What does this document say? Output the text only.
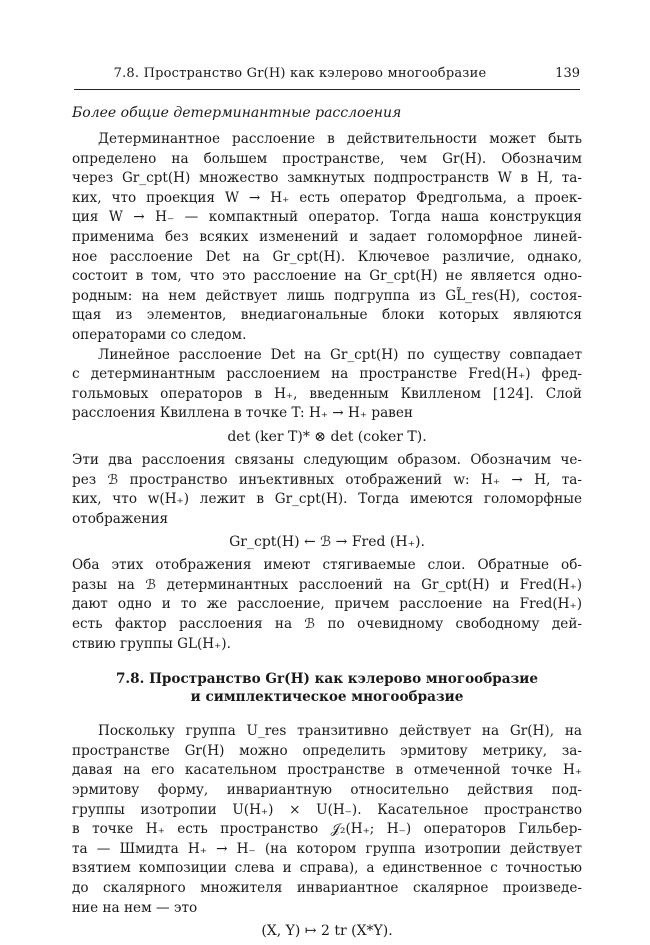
7.8. Пространство Gr(H) как кэлерово многообразие	139
Более общие детерминантные расслоения
Детерминантное расслоение в действительности может быть
определено на большем пространстве, чем Gr(H). Обозначим
через Gr_cpt(H) множество замкнутых подпространств W в H, та-
ких, что проекция W → H₊ есть оператор Фредгольма, а проек-
ция W → H₋ — компактный оператор. Тогда наша конструкция
применима без всяких изменений и задает голоморфное линей-
ное расслоение Det на Gr_cpt(H). Ключевое различие, однако,
состоит в том, что это расслоение на Gr_cpt(H) не является одно-
родным: на нем действует лишь подгруппа из GL̃_res(H), состоя-
щая из элементов, внедиагональные блоки которых являются
операторами со следом.
Линейное расслоение Det на Gr_cpt(H) по существу совпадает
с детерминантным расслоением на пространстве Fred(H₊) фред-
гольмовых операторов в H₊, введенным Квилленом [124]. Слой
расслоения Квиллена в точке T: H₊ → H₊ равен
det (ker T)* ⊗ det (coker T).
Эти два расслоения связаны следующим образом. Обозначим че-
рез ℬ пространство инъективных отображений w: H₊ → H, та-
ких, что w(H₊) лежит в Gr_cpt(H). Тогда имеются голоморфные
отображения
Gr_cpt(H) ← ℬ → Fred (H₊).
Оба этих отображения имеют стягиваемые слои. Обратные об-
разы на ℬ детерминантных расслоений на Gr_cpt(H) и Fred(H₊)
дают одно и то же расслоение, причем расслоение на Fred(H₊)
есть фактор расслоения на ℬ по очевидному свободному дей-
ствию группы GL(H₊).
7.8. Пространство Gr(H) как кэлерово многообразие
и симплектическое многообразие
Поскольку группа U_res транзитивно действует на Gr(H), на
пространстве Gr(H) можно определить эрмитову метрику, за-
давая на его касательном пространстве в отмеченной точке H₊
эрмитову форму, инвариантную относительно действия под-
группы изотропии U(H₊) × U(H₋). Касательное пространство
в точке H₊ есть пространство 𝒥₂(H₊; H₋) операторов Гильбер-
та — Шмидта H₊ → H₋ (на котором группа изотропии действует
взятием композиции слева и справа), а единственное с точностью
до скалярного множителя инвариантное скалярное произведе-
ние на нем — это
(X, Y) ↦ 2 tr (X*Y).
